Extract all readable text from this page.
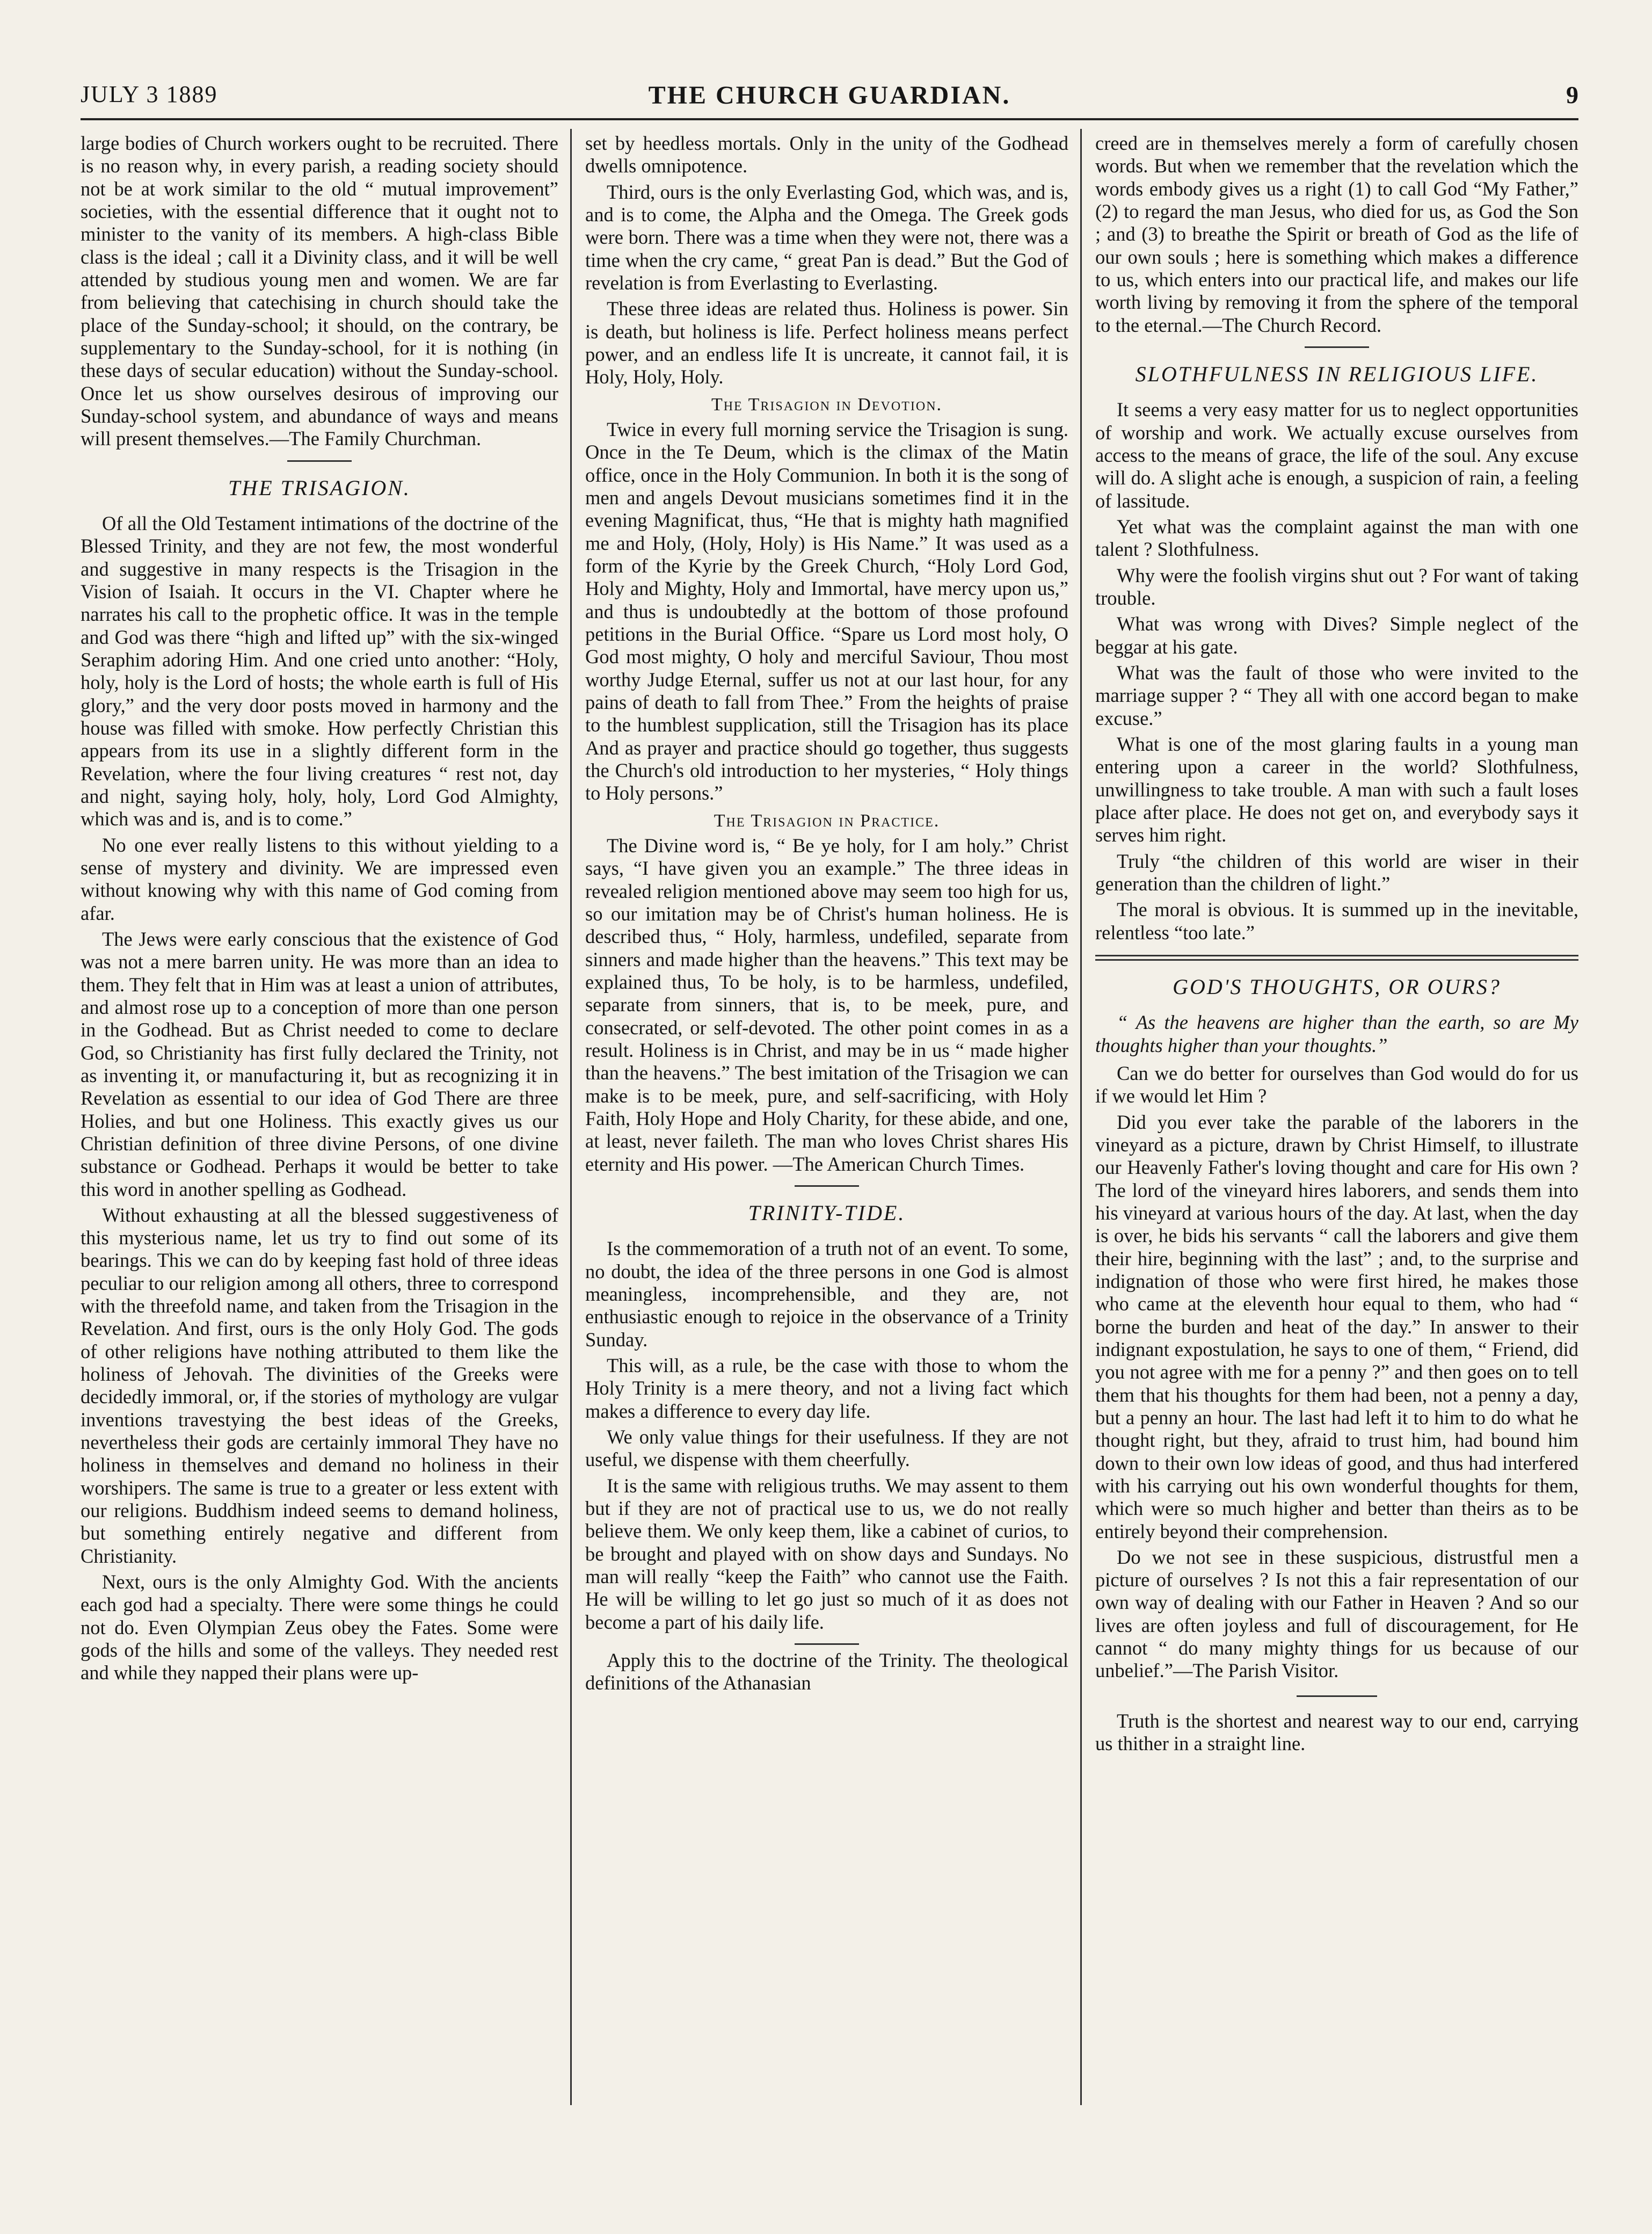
JULY 3 1889	THE CHURCH GUARDIAN.	9

large bodies of Church workers ought to be recruited. There is no reason why, in every parish, a reading society should not be at work similar to the old “ mutual improvement” societies, with the essential difference that it ought not to minister to the vanity of its members. A high-class Bible class is the ideal ; call it a Divinity class, and it will be well attended by studious young men and women. We are far from believing that catechising in church should take the place of the Sunday-school; it should, on the contrary, be supplementary to the Sunday-school, for it is nothing (in these days of secular education) without the Sunday-school. Once let us show ourselves desirous of improving our Sunday-school system, and abundance of ways and means will present themselves.—The Family Churchman.

THE TRISAGION.

Of all the Old Testament intimations of the doctrine of the Blessed Trinity, and they are not few, the most wonderful and suggestive in many respects is the Trisagion in the Vision of Isaiah. It occurs in the VI. Chapter where he narrates his call to the prophetic office. It was in the temple and God was there “high and lifted up” with the six-winged Seraphim adoring Him. And one cried unto another: “Holy, holy, holy is the Lord of hosts; the whole earth is full of His glory,” and the very door posts moved in harmony and the house was filled with smoke. How perfectly Christian this appears from its use in a slightly different form in the Revelation, where the four living creatures “ rest not, day and night, saying holy, holy, holy, Lord God Almighty, which was and is, and is to come.”

No one ever really listens to this without yielding to a sense of mystery and divinity. We are impressed even without knowing why with this name of God coming from afar.

The Jews were early conscious that the existence of God was not a mere barren unity. He was more than an idea to them. They felt that in Him was at least a union of attributes, and almost rose up to a conception of more than one person in the Godhead. But as Christ needed to come to declare God, so Christianity has first fully declared the Trinity, not as inventing it, or manufacturing it, but as recognizing it in Revelation as essential to our idea of God There are three Holies, and but one Holiness. This exactly gives us our Christian definition of three divine Persons, of one divine substance or Godhead. Perhaps it would be better to take this word in another spelling as Godhead.

Without exhausting at all the blessed suggestiveness of this mysterious name, let us try to find out some of its bearings. This we can do by keeping fast hold of three ideas peculiar to our religion among all others, three to correspond with the threefold name, and taken from the Trisagion in the Revelation. And first, ours is the only Holy God. The gods of other religions have nothing attributed to them like the holiness of Jehovah. The divinities of the Greeks were decidedly immoral, or, if the stories of mythology are vulgar inventions travestying the best ideas of the Greeks, nevertheless their gods are certainly immoral They have no holiness in themselves and demand no holiness in their worshipers. The same is true to a greater or less extent with our religions. Buddhism indeed seems to demand holiness, but something entirely negative and different from Christianity.

Next, ours is the only Almighty God. With the ancients each god had a specialty. There were some things he could not do. Even Olympian Zeus obey the Fates. Some were gods of the hills and some of the valleys. They needed rest and while they napped their plans were up-

set by heedless mortals. Only in the unity of the Godhead dwells omnipotence.

Third, ours is the only Everlasting God, which was, and is, and is to come, the Alpha and the Omega. The Greek gods were born. There was a time when they were not, there was a time when the cry came, “ great Pan is dead.” But the God of revelation is from Everlasting to Everlasting.

These three ideas are related thus. Holiness is power. Sin is death, but holiness is life. Perfect holiness means perfect power, and an endless life It is uncreate, it cannot fail, it is Holy, Holy, Holy.

The Trisagion in Devotion.

Twice in every full morning service the Trisagion is sung. Once in the Te Deum, which is the climax of the Matin office, once in the Holy Communion. In both it is the song of men and angels Devout musicians sometimes find it in the evening Magnificat, thus, “He that is mighty hath magnified me and Holy, (Holy, Holy) is His Name.” It was used as a form of the Kyrie by the Greek Church, “Holy Lord God, Holy and Mighty, Holy and Immortal, have mercy upon us,” and thus is undoubtedly at the bottom of those profound petitions in the Burial Office. “Spare us Lord most holy, O God most mighty, O holy and merciful Saviour, Thou most worthy Judge Eternal, suffer us not at our last hour, for any pains of death to fall from Thee.” From the heights of praise to the humblest supplication, still the Trisagion has its place And as prayer and practice should go together, thus suggests the Church's old introduction to her mysteries, “ Holy things to Holy persons.”

The Trisagion in Practice.

The Divine word is, “ Be ye holy, for I am holy.” Christ says, “I have given you an example.” The three ideas in revealed religion mentioned above may seem too high for us, so our imitation may be of Christ's human holiness. He is described thus, “ Holy, harmless, undefiled, separate from sinners and made higher than the heavens.” This text may be explained thus, To be holy, is to be harmless, undefiled, separate from sinners, that is, to be meek, pure, and consecrated, or self-devoted. The other point comes in as a result. Holiness is in Christ, and may be in us “ made higher than the heavens.” The best imitation of the Trisagion we can make is to be meek, pure, and self-sacrificing, with Holy Faith, Holy Hope and Holy Charity, for these abide, and one, at least, never faileth. The man who loves Christ shares His eternity and His power. —The American Church Times.

TRINITY-TIDE.

Is the commemoration of a truth not of an event. To some, no doubt, the idea of the three persons in one God is almost meaningless, incomprehensible, and they are, not enthusiastic enough to rejoice in the observance of a Trinity Sunday.

This will, as a rule, be the case with those to whom the Holy Trinity is a mere theory, and not a living fact which makes a difference to every day life.

We only value things for their usefulness. If they are not useful, we dispense with them cheerfully.

It is the same with religious truths. We may assent to them but if they are not of practical use to us, we do not really believe them. We only keep them, like a cabinet of curios, to be brought and played with on show days and Sundays. No man will really “keep the Faith” who cannot use the Faith. He will be willing to let go just so much of it as does not become a part of his daily life.

Apply this to the doctrine of the Trinity. The theological definitions of the Athanasian

creed are in themselves merely a form of carefully chosen words. But when we remember that the revelation which the words embody gives us a right (1) to call God “My Father,” (2) to regard the man Jesus, who died for us, as God the Son ; and (3) to breathe the Spirit or breath of God as the life of our own souls ; here is something which makes a difference to us, which enters into our practical life, and makes our life worth living by removing it from the sphere of the temporal to the eternal.—The Church Record.

SLOTHFULNESS IN RELIGIOUS LIFE.

It seems a very easy matter for us to neglect opportunities of worship and work. We actually excuse ourselves from access to the means of grace, the life of the soul. Any excuse will do. A slight ache is enough, a suspicion of rain, a feeling of lassitude.

Yet what was the complaint against the man with one talent ? Slothfulness.

Why were the foolish virgins shut out ? For want of taking trouble.

What was wrong with Dives? Simple neglect of the beggar at his gate.

What was the fault of those who were invited to the marriage supper ? “ They all with one accord began to make excuse.”

What is one of the most glaring faults in a young man entering upon a career in the world? Slothfulness, unwillingness to take trouble. A man with such a fault loses place after place. He does not get on, and everybody says it serves him right.

Truly “the children of this world are wiser in their generation than the children of light.”

The moral is obvious. It is summed up in the inevitable, relentless “too late.”

GOD'S THOUGHTS, OR OURS?

“ As the heavens are higher than the earth, so are My thoughts higher than your thoughts.”

Can we do better for ourselves than God would do for us if we would let Him ?

Did you ever take the parable of the laborers in the vineyard as a picture, drawn by Christ Himself, to illustrate our Heavenly Father's loving thought and care for His own ? The lord of the vineyard hires laborers, and sends them into his vineyard at various hours of the day. At last, when the day is over, he bids his servants “ call the laborers and give them their hire, beginning with the last” ; and, to the surprise and indignation of those who were first hired, he makes those who came at the eleventh hour equal to them, who had “ borne the burden and heat of the day.” In answer to their indignant expostulation, he says to one of them, “ Friend, did you not agree with me for a penny ?” and then goes on to tell them that his thoughts for them had been, not a penny a day, but a penny an hour. The last had left it to him to do what he thought right, but they, afraid to trust him, had bound him down to their own low ideas of good, and thus had interfered with his carrying out his own wonderful thoughts for them, which were so much higher and better than theirs as to be entirely beyond their comprehension.

Do we not see in these suspicious, distrustful men a picture of ourselves ? Is not this a fair representation of our own way of dealing with our Father in Heaven ? And so our lives are often joyless and full of discouragement, for He cannot “ do many mighty things for us because of our unbelief.”—The Parish Visitor.

Truth is the shortest and nearest way to our end, carrying us thither in a straight line.
